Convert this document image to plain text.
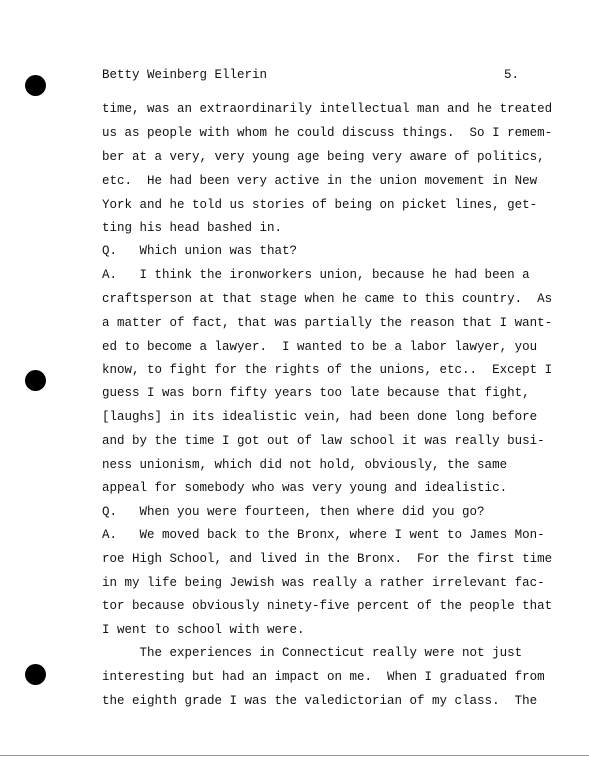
Betty Weinberg Ellerin	5.
time, was an extraordinarily intellectual man and he treated
us as people with whom he could discuss things.  So I remem-
ber at a very, very young age being very aware of politics,
etc.  He had been very active in the union movement in New
York and he told us stories of being on picket lines, get-
ting his head bashed in.
Q.   Which union was that?
A.   I think the ironworkers union, because he had been a
craftsperson at that stage when he came to this country.  As
a matter of fact, that was partially the reason that I want-
ed to become a lawyer.  I wanted to be a labor lawyer, you
know, to fight for the rights of the unions, etc..  Except I
guess I was born fifty years too late because that fight,
[laughs] in its idealistic vein, had been done long before
and by the time I got out of law school it was really busi-
ness unionism, which did not hold, obviously, the same
appeal for somebody who was very young and idealistic.
Q.   When you were fourteen, then where did you go?
A.   We moved back to the Bronx, where I went to James Mon-
roe High School, and lived in the Bronx.  For the first time
in my life being Jewish was really a rather irrelevant fac-
tor because obviously ninety-five percent of the people that
I went to school with were.
The experiences in Connecticut really were not just
interesting but had an impact on me.  When I graduated from
the eighth grade I was the valedictorian of my class.  The
